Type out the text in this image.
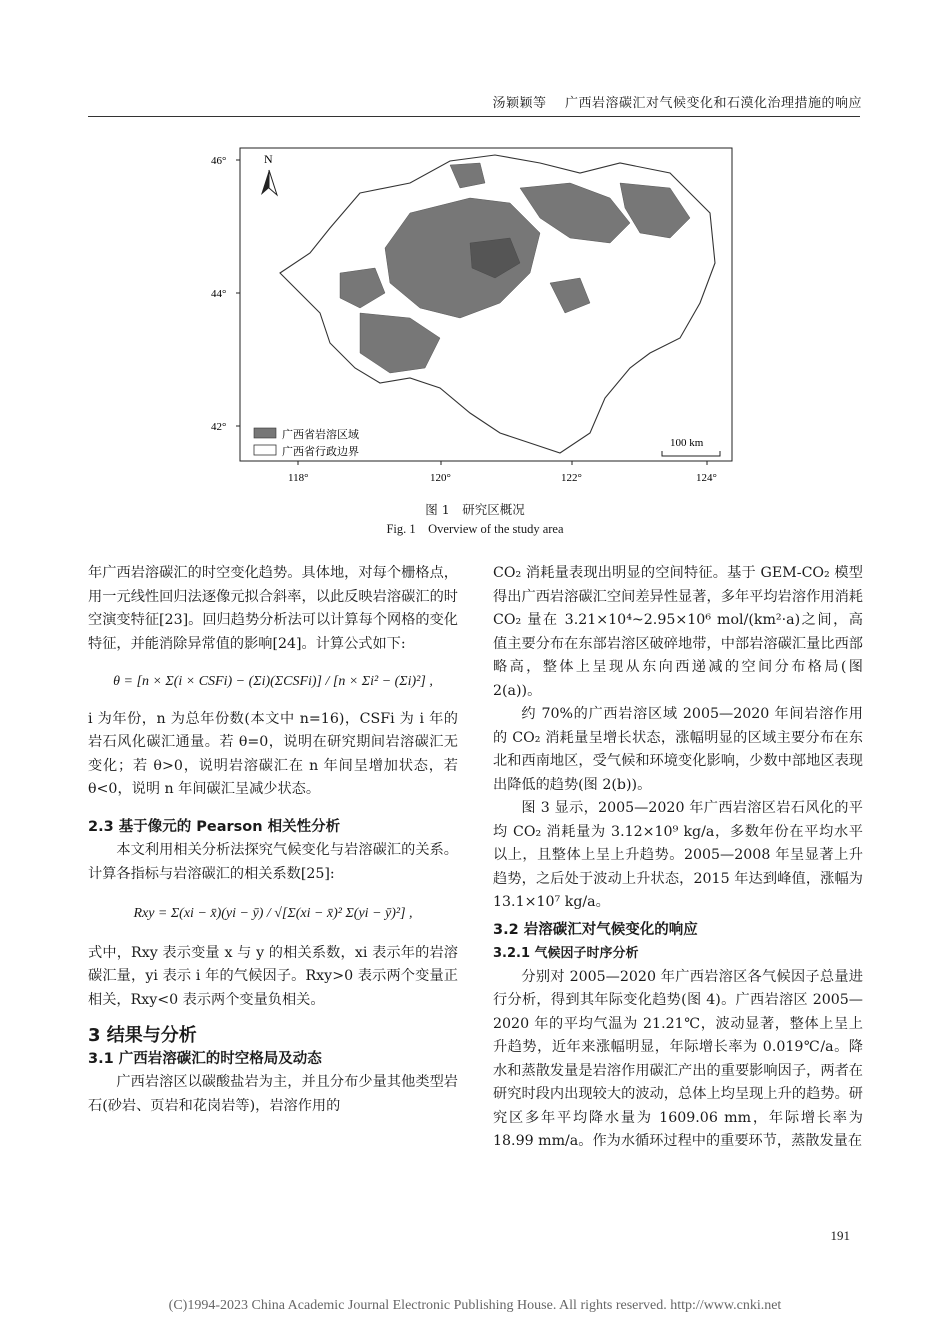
汤颖颖等 广西岩溶碳汇对气候变化和石漠化治理措施的响应
46°
44°
42°
118°	120°	122°	124°
N
广西省岩溶区域
广西省行政边界
100 km
图 1　研究区概况
Fig. 1　Overview of the study area

年广西岩溶碳汇的时空变化趋势。具体地，对每个栅格点，用一元线性回归法逐像元拟合斜率，以此反映岩溶碳汇的时空演变特征[23]。回归趋势分析法可以计算每个网格的变化特征，并能消除异常值的影响[24]。计算公式如下:

θ = [n × Σ(i × CSFi) − (Σi)(ΣCSFi)] / [n × Σi² − (Σi)²] ,

i 为年份，n 为总年份数(本文中 n=16)，CSFi 为 i 年的岩石风化碳汇通量。若 θ=0，说明在研究期间岩溶碳汇无变化；若 θ>0，说明岩溶碳汇在 n 年间呈增加状态，若 θ<0，说明 n 年间碳汇呈减少状态。

2.3 基于像元的 Pearson 相关性分析

本文利用相关分析法探究气候变化与岩溶碳汇的关系。计算各指标与岩溶碳汇的相关系数[25]:

Rxy = Σ(xi − x̄)(yi − ȳ) / √[Σ(xi − x̄)² Σ(yi − ȳ)²] ,

式中，Rxy 表示变量 x 与 y 的相关系数，xi 表示年的岩溶碳汇量，yi 表示 i 年的气候因子。Rxy>0 表示两个变量正相关，Rxy<0 表示两个变量负相关。

3 结果与分析

3.1 广西岩溶碳汇的时空格局及动态

广西岩溶区以碳酸盐岩为主，并且分布少量其他类型岩石(砂岩、页岩和花岗岩等)，岩溶作用的

CO₂ 消耗量表现出明显的空间特征。基于 GEM-CO₂ 模型得出广西岩溶碳汇空间差异性显著，多年平均岩溶作用消耗 CO₂ 量在 3.21×10⁴~2.95×10⁶ mol/(km²·a)之间，高值主要分布在东部岩溶区破碎地带，中部岩溶碳汇量比西部略高，整体上呈现从东向西递减的空间分布格局(图 2(a))。

约 70%的广西岩溶区域 2005—2020 年间岩溶作用的 CO₂ 消耗量呈增长状态，涨幅明显的区域主要分布在东北和西南地区，受气候和环境变化影响，少数中部地区表现出降低的趋势(图 2(b))。

图 3 显示，2005—2020 年广西岩溶区岩石风化的平均 CO₂ 消耗量为 3.12×10⁹ kg/a，多数年份在平均水平以上，且整体上呈上升趋势。2005—2008 年呈显著上升趋势，之后处于波动上升状态，2015 年达到峰值，涨幅为 13.1×10⁷ kg/a。

3.2 岩溶碳汇对气候变化的响应

3.2.1 气候因子时序分析

分别对 2005—2020 年广西岩溶区各气候因子总量进行分析，得到其年际变化趋势(图 4)。广西岩溶区 2005—2020 年的平均气温为 21.21℃，波动显著，整体上呈上升趋势，近年来涨幅明显，年际增长率为 0.019℃/a。降水和蒸散发量是岩溶作用碳汇产出的重要影响因子，两者在研究时段内出现较大的波动，总体上均呈现上升的趋势。研究区多年平均降水量为 1609.06 mm，年际增长率为 18.99 mm/a。作为水循环过程中的重要环节，蒸散发量在

191
(C)1994-2023 China Academic Journal Electronic Publishing House. All rights reserved. http://www.cnki.net
